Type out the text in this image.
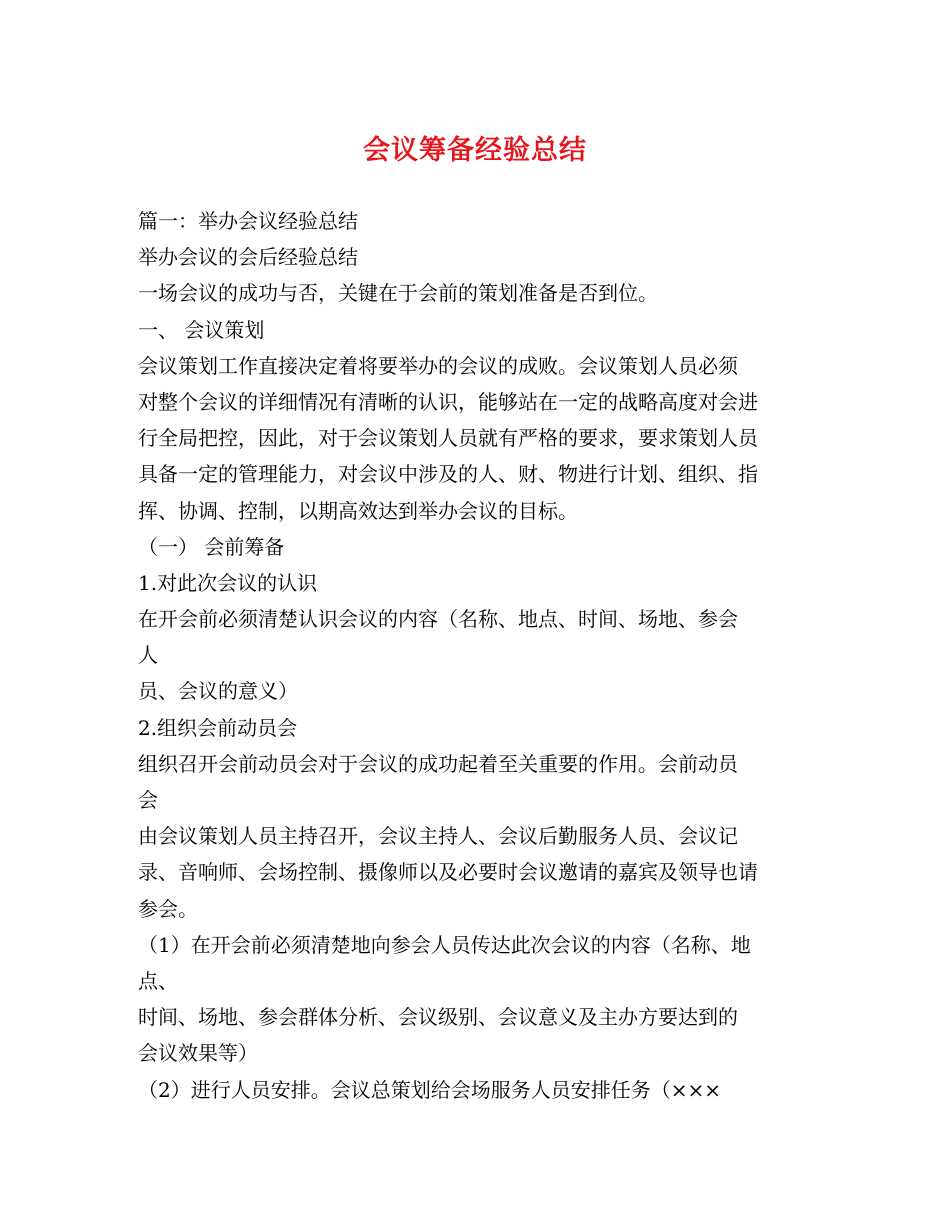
会议筹备经验总结
篇一：举办会议经验总结
举办会议的会后经验总结
一场会议的成功与否，关键在于会前的策划准备是否到位。
一、 会议策划
会议策划工作直接决定着将要举办的会议的成败。会议策划人员必须
对整个会议的详细情况有清晰的认识，能够站在一定的战略高度对会进
行全局把控，因此，对于会议策划人员就有严格的要求，要求策划人员
具备一定的管理能力，对会议中涉及的人、财、物进行计划、组织、指
挥、协调、控制，以期高效达到举办会议的目标。
（一） 会前筹备
1.对此次会议的认识
在开会前必须清楚认识会议的内容（名称、地点、时间、场地、参会
人
员、会议的意义）
2.组织会前动员会
组织召开会前动员会对于会议的成功起着至关重要的作用。会前动员
会
由会议策划人员主持召开，会议主持人、会议后勤服务人员、会议记
录、音响师、会场控制、摄像师以及必要时会议邀请的嘉宾及领导也请
参会。
（1）在开会前必须清楚地向参会人员传达此次会议的内容（名称、地
点、
时间、场地、参会群体分析、会议级别、会议意义及主办方要达到的
会议效果等）
（2）进行人员安排。会议总策划给会场服务人员安排任务（×××
